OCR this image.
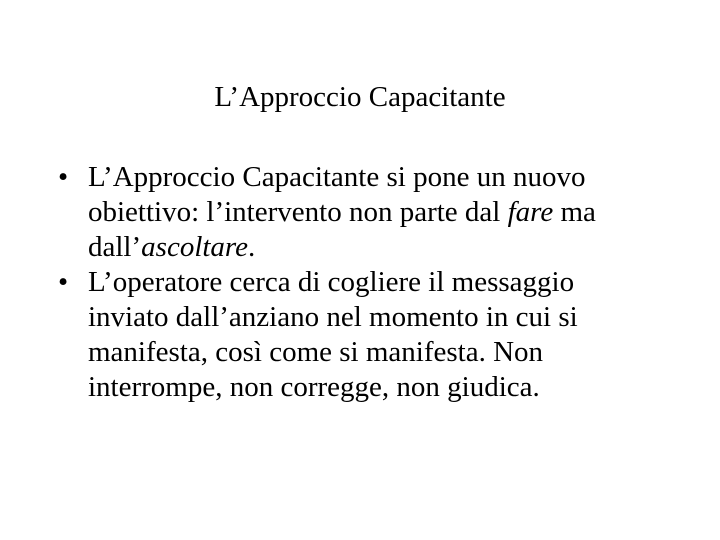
L’Approccio Capacitante
• L’Approccio Capacitante si pone un nuovo obiettivo: l’intervento non parte dal fare ma dall’ascoltare.
• L’operatore cerca di cogliere il messaggio inviato dall’anziano nel momento in cui si manifesta, così come si manifesta. Non interrompe, non corregge, non giudica.
